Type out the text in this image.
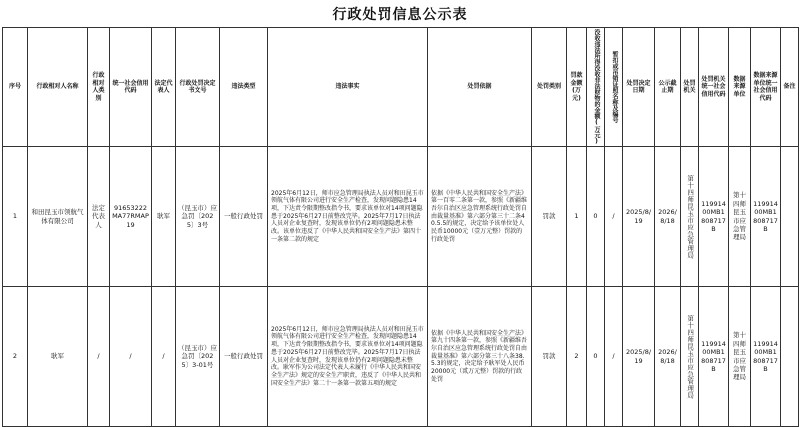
行政处罚信息公示表
序号	行政相对人名称	行政相对人类别	统一社会信用代码	法定代表人	行政处罚决定书文号	违法类型	违法事实	处罚依据	处罚类别	罚款金额(万元)	没收违法所得没收非法财物的金额(万元)	暂扣或吊销证照名称及编号	处罚决定日期	公示截止期	处罚机关	处罚机关统一社会信用代码	数据来源单位	数据来源单位统一社会信用代码	备注
1	和田昆玉市领航气体有限公司	法定代表人	91653222MA77RMAP19	耿军	（昆玉市）应急罚〔2025〕3号	一般行政处罚	2025年6月12日，师市应急管理局执法人员对和田昆玉市领航气体有限公司进行安全生产检查，发现问题隐患14项，下达责令限期整改指令书，要求该单位对14项问题隐患于2025年6月27日前整改完毕。2025年7月17日执法人员对企业复查时，发现该单位仍有2项问题隐患未整改。该单位违反了《中华人民共和国安全生产法》第四十一条第二款的规定	依据《中华人民共和国安全生产法》第一百零二条第一款，参照《新疆维吾尔自治区应急管理系统行政处罚自由裁量基准》第六部分第三十二条40.5.5的规定，决定给予该单位处人民币10000元（壹万元整）罚款的行政处罚	罚款	1	0	/	2025/8/19	2026/8/18	第十四师昆玉市应急管理局	11991400MB1808717B	第十四师昆玉市应急管理局	11991400MB1808717B	
2	耿军	/	/	/	（昆玉市）应急罚〔2025〕3-01号	一般行政处罚	2025年6月12日，师市应急管理局执法人员对和田昆玉市领航气体有限公司进行安全生产检查，发现问题隐患14项，下达责令限期整改指令书，要求该单位对14项问题隐患于2025年6月27日前整改完毕。2025年7月17日执法人员对企业复查时，发现该单位仍有2项问题隐患未整改。耿军作为公司法定代表人未履行《中华人民共和国安全生产法》规定的安全生产职责，违反了《中华人民共和国安全生产法》第二十一条第一款第五项的规定	依据《中华人民共和国安全生产法》第九十四条第一款，参照《新疆维吾尔自治区应急管理系统行政处罚自由裁量基准》第六部分第三十八条38.5.3的规定，决定给予耿军处人民币20000元（贰万元整）罚款的行政处罚	罚款	2	0	/	2025/8/19	2026/8/18	第十四师昆玉市应急管理局	11991400MB1808717B	第十四师昆玉市应急管理局	11991400MB1808717B	
